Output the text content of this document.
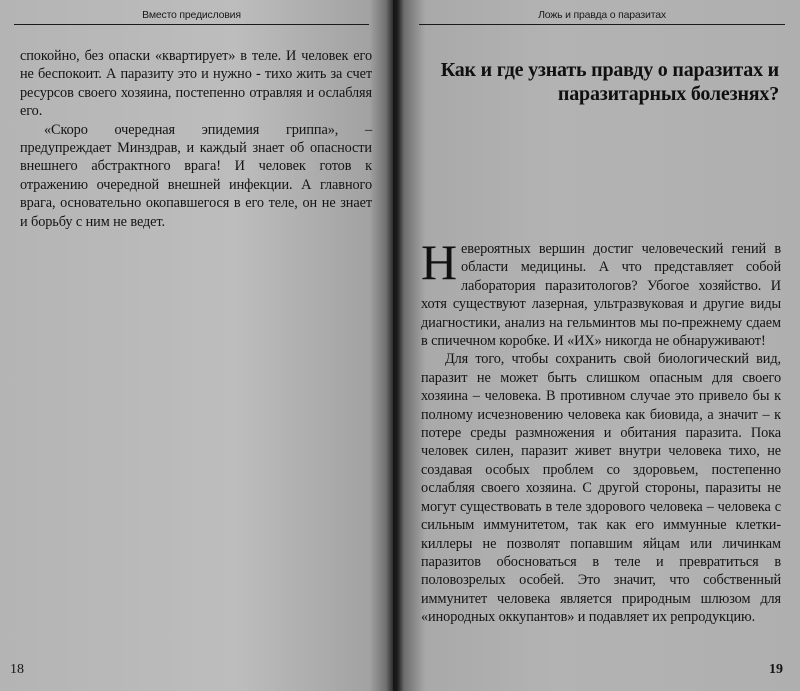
Вместо предисловия

спокойно, без опаски «квартирует» в теле. И человек его не беспокоит. А паразиту это и нужно - тихо жить за счет ресурсов своего хозяина, постепенно отравляя и ослабляя его.

«Скоро очередная эпидемия гриппа», – предупреждает Минздрав, и каждый знает об опасности внешнего абстрактного врага! И человек готов к отражению очередной внешней инфекции. А главного врага, основательно окопавшегося в его теле, он не знает и борьбу с ним не ведет.

18
Ложь и правда о паразитах
Как и где узнать правду о паразитах и паразитарных болезнях?

Невероятных вершин достиг человеческий гений в области медицины. А что представляет собой лаборатория паразитологов? Убогое хозяйство. И хотя существуют лазерная, ультразвуковая и другие виды диагностики, анализ на гельминтов мы по-прежнему сдаем в спичечном коробке. И «ИХ» никогда не обнаруживают!

Для того, чтобы сохранить свой биологический вид, паразит не может быть слишком опасным для своего хозяина – человека. В противном случае это привело бы к полному исчезновению человека как биовида, а значит – к потере среды размножения и обитания паразита. Пока человек силен, паразит живет внутри человека тихо, не создавая особых проблем со здоровьем, постепенно ослабляя своего хозяина. С другой стороны, паразиты не могут существовать в теле здорового человека – человека с сильным иммунитетом, так как его иммунные клетки-киллеры не позволят попавшим яйцам или личинкам паразитов обосноваться в теле и превратиться в половозрелых особей. Это значит, что собственный иммунитет человека является природным шлюзом для «инородных оккупантов» и подавляет их репродукцию.

19
